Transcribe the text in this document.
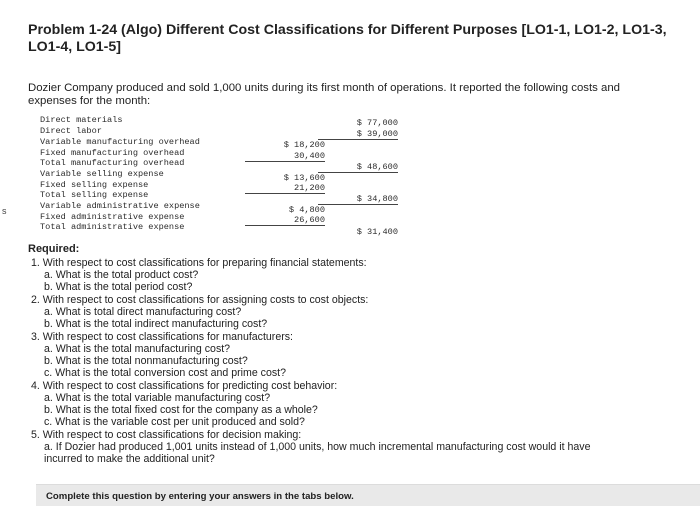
Problem 1-24 (Algo) Different Cost Classifications for Different Purposes [LO1-1, LO1-2, LO1-3, LO1-4, LO1-5]
Dozier Company produced and sold 1,000 units during its first month of operations. It reported the following costs and expenses for the month:
s
Direct materials	$ 77,000
Direct labor	$ 39,000
Variable manufacturing overhead	$ 18,200
Fixed manufacturing overhead	30,400
Total manufacturing overhead	$ 48,600
Variable selling expense	$ 13,600
Fixed selling expense	21,200
Total selling expense	$ 34,800
Variable administrative expense	$ 4,800
Fixed administrative expense	26,600
Total administrative expense	$ 31,400
Required:
1. With respect to cost classifications for preparing financial statements:
a. What is the total product cost?
b. What is the total period cost?
2. With respect to cost classifications for assigning costs to cost objects:
a. What is total direct manufacturing cost?
b. What is the total indirect manufacturing cost?
3. With respect to cost classifications for manufacturers:
a. What is the total manufacturing cost?
b. What is the total nonmanufacturing cost?
c. What is the total conversion cost and prime cost?
4. With respect to cost classifications for predicting cost behavior:
a. What is the total variable manufacturing cost?
b. What is the total fixed cost for the company as a whole?
c. What is the variable cost per unit produced and sold?
5. With respect to cost classifications for decision making:
a. If Dozier had produced 1,001 units instead of 1,000 units, how much incremental manufacturing cost would it have incurred to make the additional unit?
Complete this question by entering your answers in the tabs below.
